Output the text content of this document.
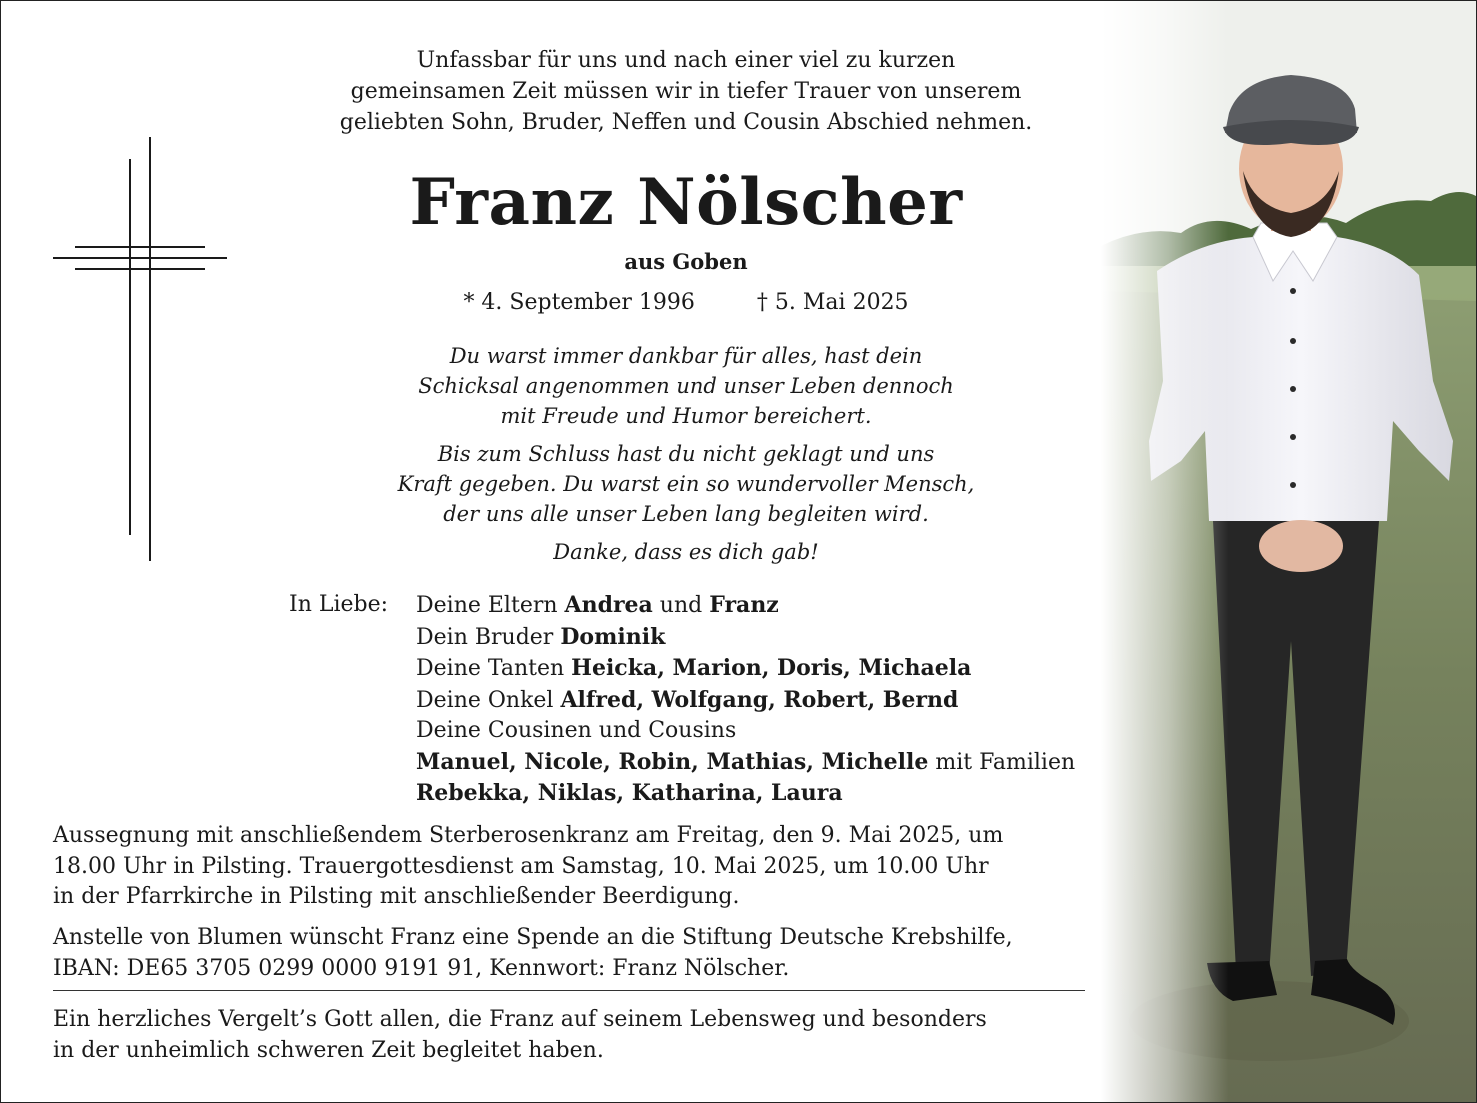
Unfassbar für uns und nach einer viel zu kurzen
gemeinsamen Zeit müssen wir in tiefer Trauer von unserem
geliebten Sohn, Bruder, Neffen und Cousin Abschied nehmen.
Franz Nölscher
aus Goben
* 4. September 1996	† 5. Mai 2025
Du warst immer dankbar für alles, hast dein
Schicksal angenommen und unser Leben dennoch
mit Freude und Humor bereichert.
Bis zum Schluss hast du nicht geklagt und uns
Kraft gegeben. Du warst ein so wundervoller Mensch,
der uns alle unser Leben lang begleiten wird.
Danke, dass es dich gab!
In Liebe: Deine Eltern Andrea und Franz
Dein Bruder Dominik
Deine Tanten Heicka, Marion, Doris, Michaela
Deine Onkel Alfred, Wolfgang, Robert, Bernd
Deine Cousinen und Cousins
Manuel, Nicole, Robin, Mathias, Michelle mit Familien
Rebekka, Niklas, Katharina, Laura
Aussegnung mit anschließendem Sterberosenkranz am Freitag, den 9. Mai 2025, um
18.00 Uhr in Pilsting. Trauergottesdienst am Samstag, 10. Mai 2025, um 10.00 Uhr
in der Pfarrkirche in Pilsting mit anschließender Beerdigung.
Anstelle von Blumen wünscht Franz eine Spende an die Stiftung Deutsche Krebshilfe,
IBAN: DE65 3705 0299 0000 9191 91, Kennwort: Franz Nölscher.
Ein herzliches Vergelt’s Gott allen, die Franz auf seinem Lebensweg und besonders
in der unheimlich schweren Zeit begleitet haben.
